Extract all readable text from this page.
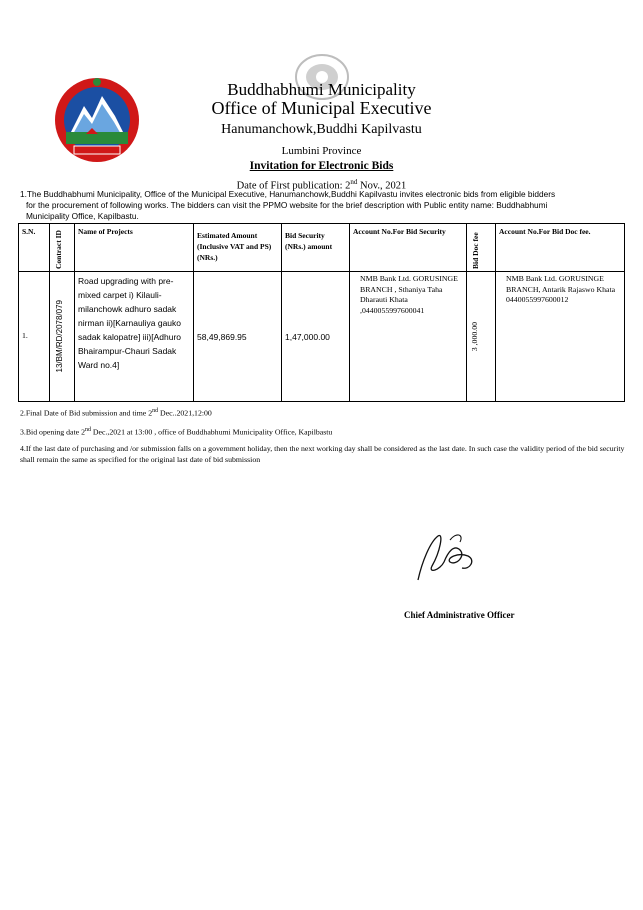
Buddhabhumi Municipality
Office of Municipal Executive
Hanumanchowk,Buddhi Kapilvastu
Lumbini Province
Invitation for Electronic Bids
Date of First publication: 2nd Nov., 2021
1.The Buddhabhumi Municipality, Office of the Municipal Executive, Hanumanchowk,Buddhi Kapilvastu invites electronic bids from eligible bidders
for the procurement of following works. The bidders can visit the PPMO website for the brief description with Public entity name: Buddhabhumi
Municipality Office, Kapilbastu.
S.N.	Contract ID	Name of Projects	Estimated Amount (Inclusive VAT and PS)(NRs.)	Bid Security (NRs.) amount	Account No.For Bid Security	Bid Doc fee	Account No.For Bid Doc fee.
1.	13/BM/RD/2078/079	Road upgrading with pre-mixed carpet i) Kilauli-milanchowk adhuro sadak nirman ii)[Karnauliya gauko sadak kalopatre] iii)[Adhuro Bhairampur-Chauri Sadak Ward no.4]	58,49,869.95	1,47,000.00	NMB Bank Ltd. GORUSINGE BRANCH , Sthaniya Taha Dharauti Khata ,0440055997600041	3 ,000.00	NMB Bank Ltd. GORUSINGE BRANCH, Antarik Rajaswo Khata 0440055997600012

2.Final Date of Bid submission and time 2nd Dec..2021,12:00

3.Bid opening date 2nd Dec.,2021 at 13:00 , office of Buddhabhumi Municipality Office, Kapilbastu

4.If the last date of purchasing and /or submission falls on a government holiday, then the next working day shall be considered as the last date. In such case the validity period of the bid security shall remain the same as specified for the original last date of bid submission

Chief Administrative Officer
